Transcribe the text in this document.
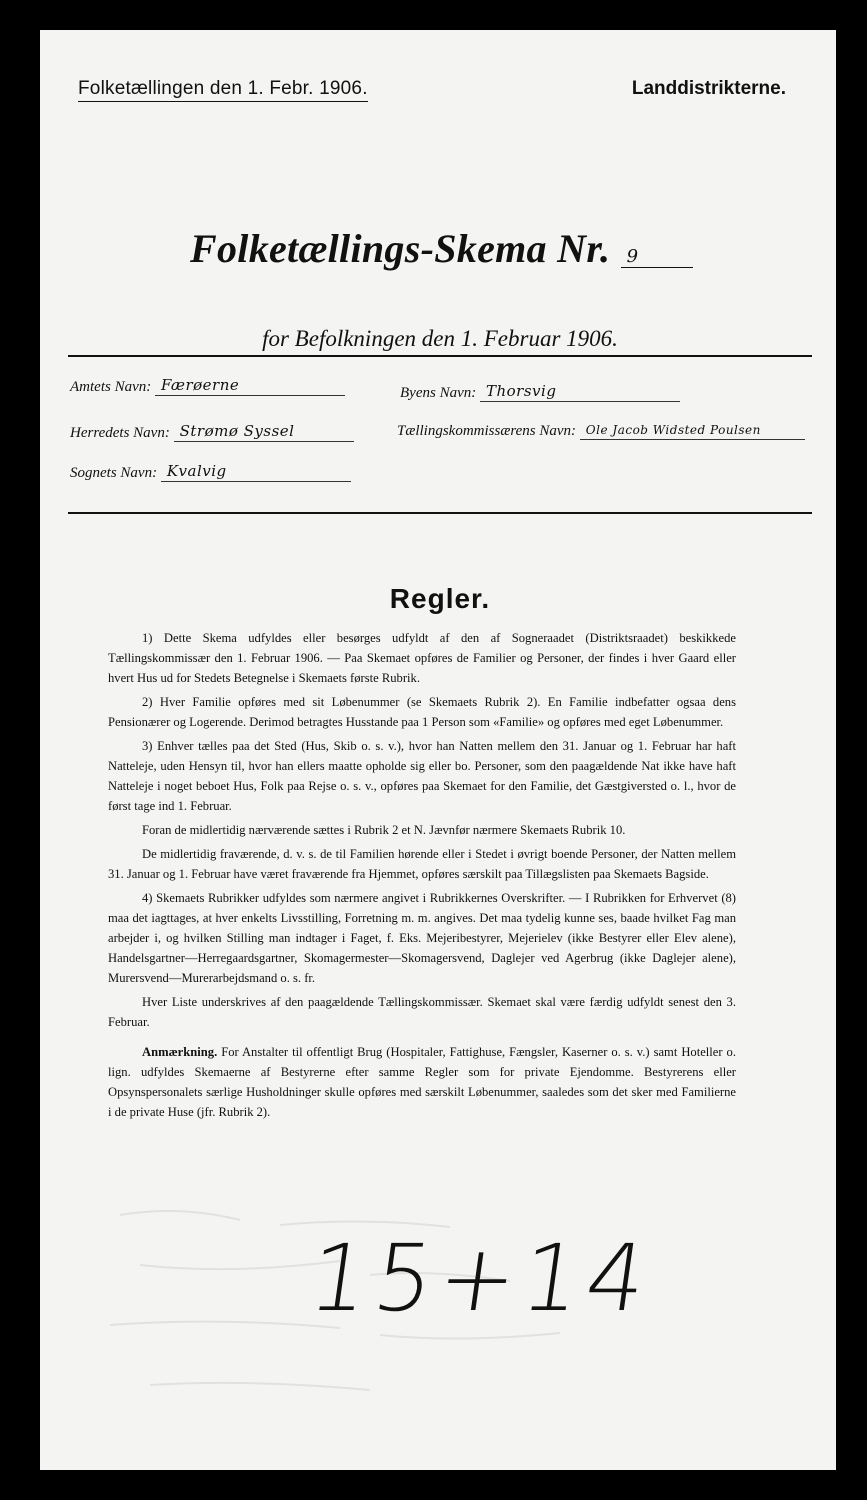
Folketællingen den 1. Febr. 1906.	Landdistrikterne.
Folketællings-Skema Nr. 9
for Befolkningen den 1. Februar 1906.
Amtets Navn: Færøerne	Byens Navn: Thorsvig
Herredets Navn: Strømø Syssel	Tællingskommissærens Navn: Ole Jacob Widsted Poulsen
Sognets Navn: Kvalvig
Regler.

1) Dette Skema udfyldes eller besørges udfyldt af den af Sogneraadet (Distriktsraadet) beskikkede Tællingskommissær den 1. Februar 1906. — Paa Skemaet opføres de Familier og Personer, der findes i hver Gaard eller hvert Hus ud for Stedets Betegnelse i Skemaets første Rubrik.

2) Hver Familie opføres med sit Løbenummer (se Skemaets Rubrik 2). En Familie indbefatter ogsaa dens Pensionærer og Logerende. Derimod betragtes Husstande paa 1 Person som «Familie» og opføres med eget Løbenummer.

3) Enhver tælles paa det Sted (Hus, Skib o. s. v.), hvor han Natten mellem den 31. Januar og 1. Februar har haft Natteleje, uden Hensyn til, hvor han ellers maatte opholde sig eller bo. Personer, som den paagældende Nat ikke have haft Natteleje i noget beboet Hus, Folk paa Rejse o. s. v., opføres paa Skemaet for den Familie, det Gæstgiversted o. l., hvor de først tage ind 1. Februar.

Foran de midlertidig nærværende sættes i Rubrik 2 et N. Jævnfør nærmere Skemaets Rubrik 10.

De midlertidig fraværende, d. v. s. de til Familien hørende eller i Stedet i øvrigt boende Personer, der Natten mellem 31. Januar og 1. Februar have været fraværende fra Hjemmet, opføres særskilt paa Tillægslisten paa Skemaets Bagside.

4) Skemaets Rubrikker udfyldes som nærmere angivet i Rubrikkernes Overskrifter. — I Rubrikken for Erhvervet (8) maa det iagttages, at hver enkelts Livsstilling, Forretning m. m. angives. Det maa tydelig kunne ses, baade hvilket Fag man arbejder i, og hvilken Stilling man indtager i Faget, f. Eks. Mejeribestyrer, Mejerielev (ikke Bestyrer eller Elev alene), Handelsgartner—Herregaardsgartner, Skomagermester—Skomagersvend, Daglejer ved Agerbrug (ikke Daglejer alene), Murersvend—Murerarbejdsmand o. s. fr.

Hver Liste underskrives af den paagældende Tællingskommissær. Skemaet skal være færdig udfyldt senest den 3. Februar.

Anmærkning. For Anstalter til offentligt Brug (Hospitaler, Fattighuse, Fængsler, Kaserner o. s. v.) samt Hoteller o. lign. udfyldes Skemaerne af Bestyrerne efter samme Regler som for private Ejendomme. Bestyrerens eller Opsynspersonalets særlige Husholdninger skulle opføres med særskilt Løbenummer, saaledes som det sker med Familierne i de private Huse (jfr. Rubrik 2).

15+14
